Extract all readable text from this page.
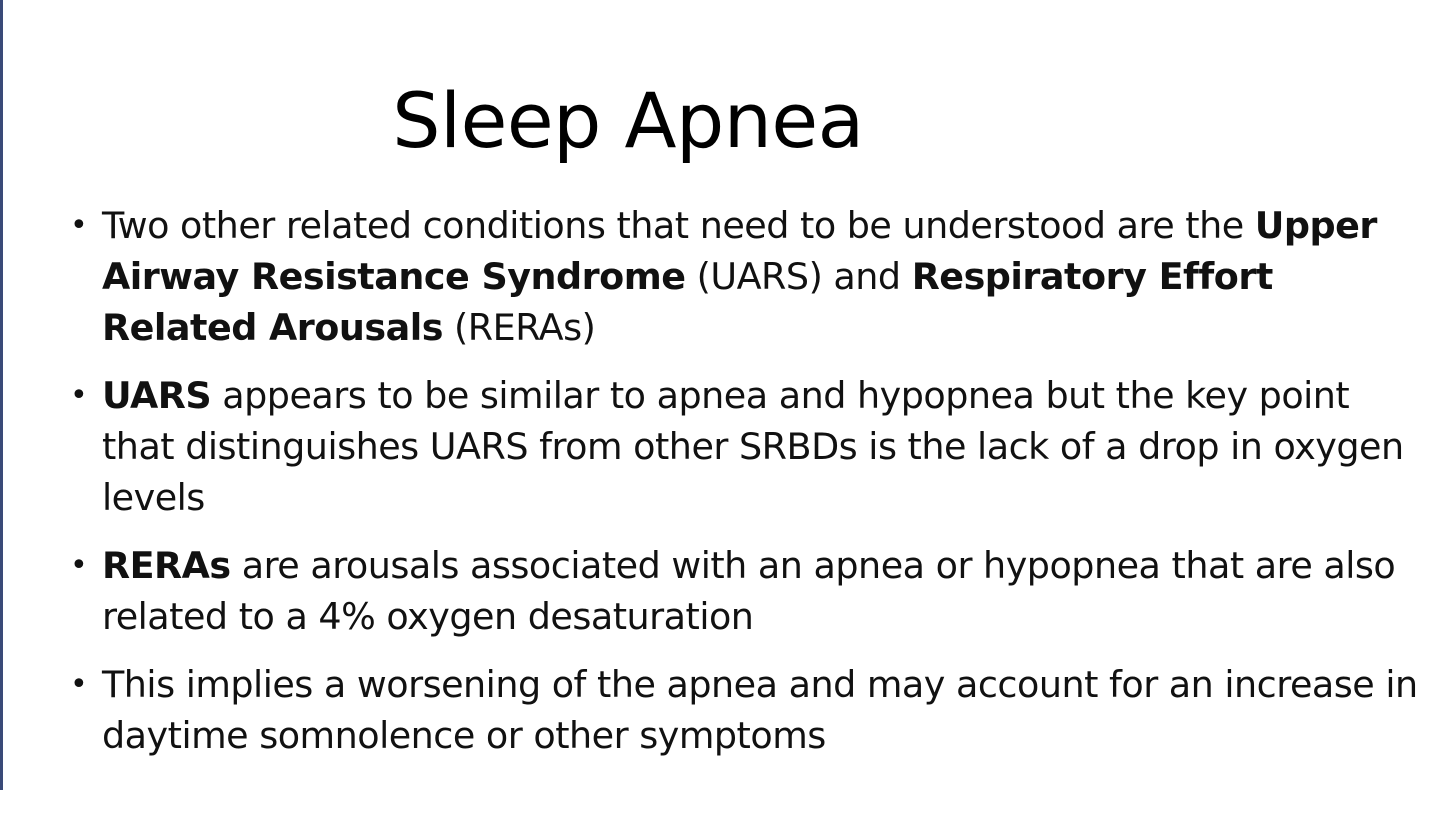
Sleep Apnea
• Two other related conditions that need to be understood are the Upper Airway Resistance Syndrome (UARS) and Respiratory Effort Related Arousals (RERAs)
• UARS appears to be similar to apnea and hypopnea but the key point that distinguishes UARS from other SRBDs is the lack of a drop in oxygen levels
• RERAs are arousals associated with an apnea or hypopnea that are also related to a 4% oxygen desaturation
• This implies a worsening of the apnea and may account for an increase in daytime somnolence or other symptoms
